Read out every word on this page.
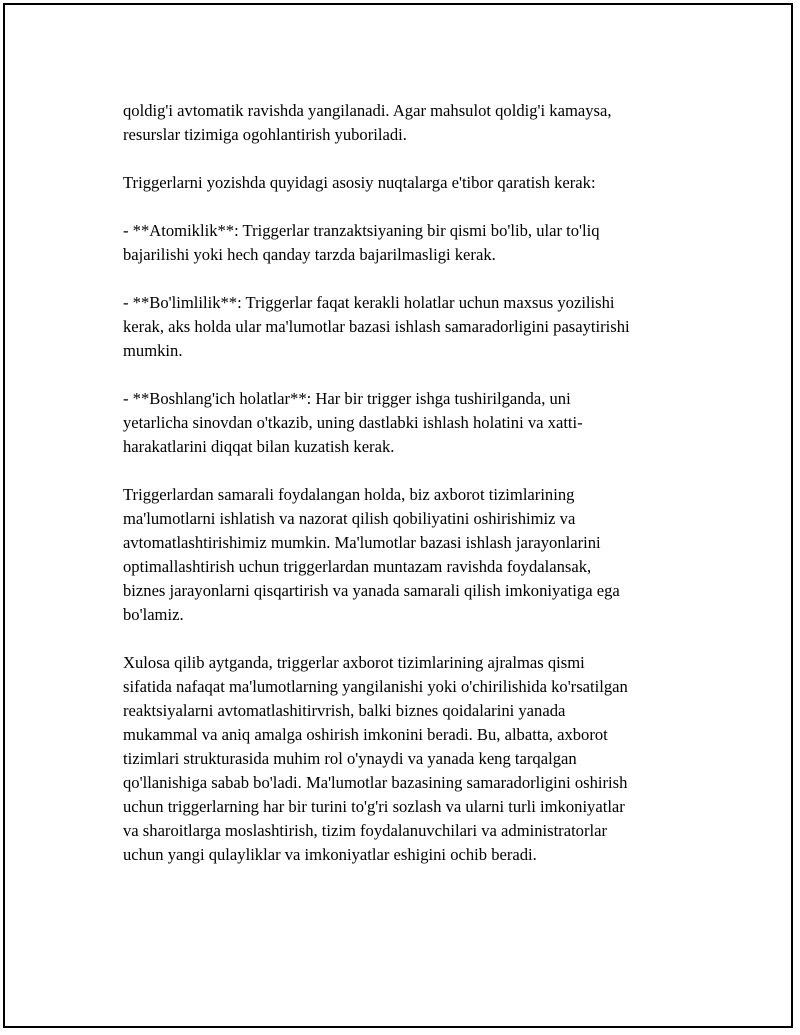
qoldig'i avtomatik ravishda yangilanadi. Agar mahsulot qoldig'i kamaysa,
resurslar tizimiga ogohlantirish yuboriladi.

Triggerlarni yozishda quyidagi asosiy nuqtalarga e'tibor qaratish kerak:

- **Atomiklik**: Triggerlar tranzaktsiyaning bir qismi bo'lib, ular to'liq
bajarilishi yoki hech qanday tarzda bajarilmasligi kerak.

- **Bo'limlilik**: Triggerlar faqat kerakli holatlar uchun maxsus yozilishi
kerak, aks holda ular ma'lumotlar bazasi ishlash samaradorligini pasaytirishi
mumkin.

- **Boshlang'ich holatlar**: Har bir trigger ishga tushirilganda, uni
yetarlicha sinovdan o'tkazib, uning dastlabki ishlash holatini va xatti-
harakatlarini diqqat bilan kuzatish kerak.

Triggerlardan samarali foydalangan holda, biz axborot tizimlarining
ma'lumotlarni ishlatish va nazorat qilish qobiliyatini oshirishimiz va
avtomatlashtirishimiz mumkin. Ma'lumotlar bazasi ishlash jarayonlarini
optimallashtirish uchun triggerlardan muntazam ravishda foydalansak,
biznes jarayonlarni qisqartirish va yanada samarali qilish imkoniyatiga ega
bo'lamiz.

Xulosa qilib aytganda, triggerlar axborot tizimlarining ajralmas qismi
sifatida nafaqat ma'lumotlarning yangilanishi yoki o'chirilishida ko'rsatilgan
reaktsiyalarni avtomatlashitirvrish, balki biznes qoidalarini yanada
mukammal va aniq amalga oshirish imkonini beradi. Bu, albatta, axborot
tizimlari strukturasida muhim rol o'ynaydi va yanada keng tarqalgan
qo'llanishiga sabab bo'ladi. Ma'lumotlar bazasining samaradorligini oshirish
uchun triggerlarning har bir turini to'g'ri sozlash va ularni turli imkoniyatlar
va sharoitlarga moslashtirish, tizim foydalanuvchilari va administratorlar
uchun yangi qulayliklar va imkoniyatlar eshigini ochib beradi.
